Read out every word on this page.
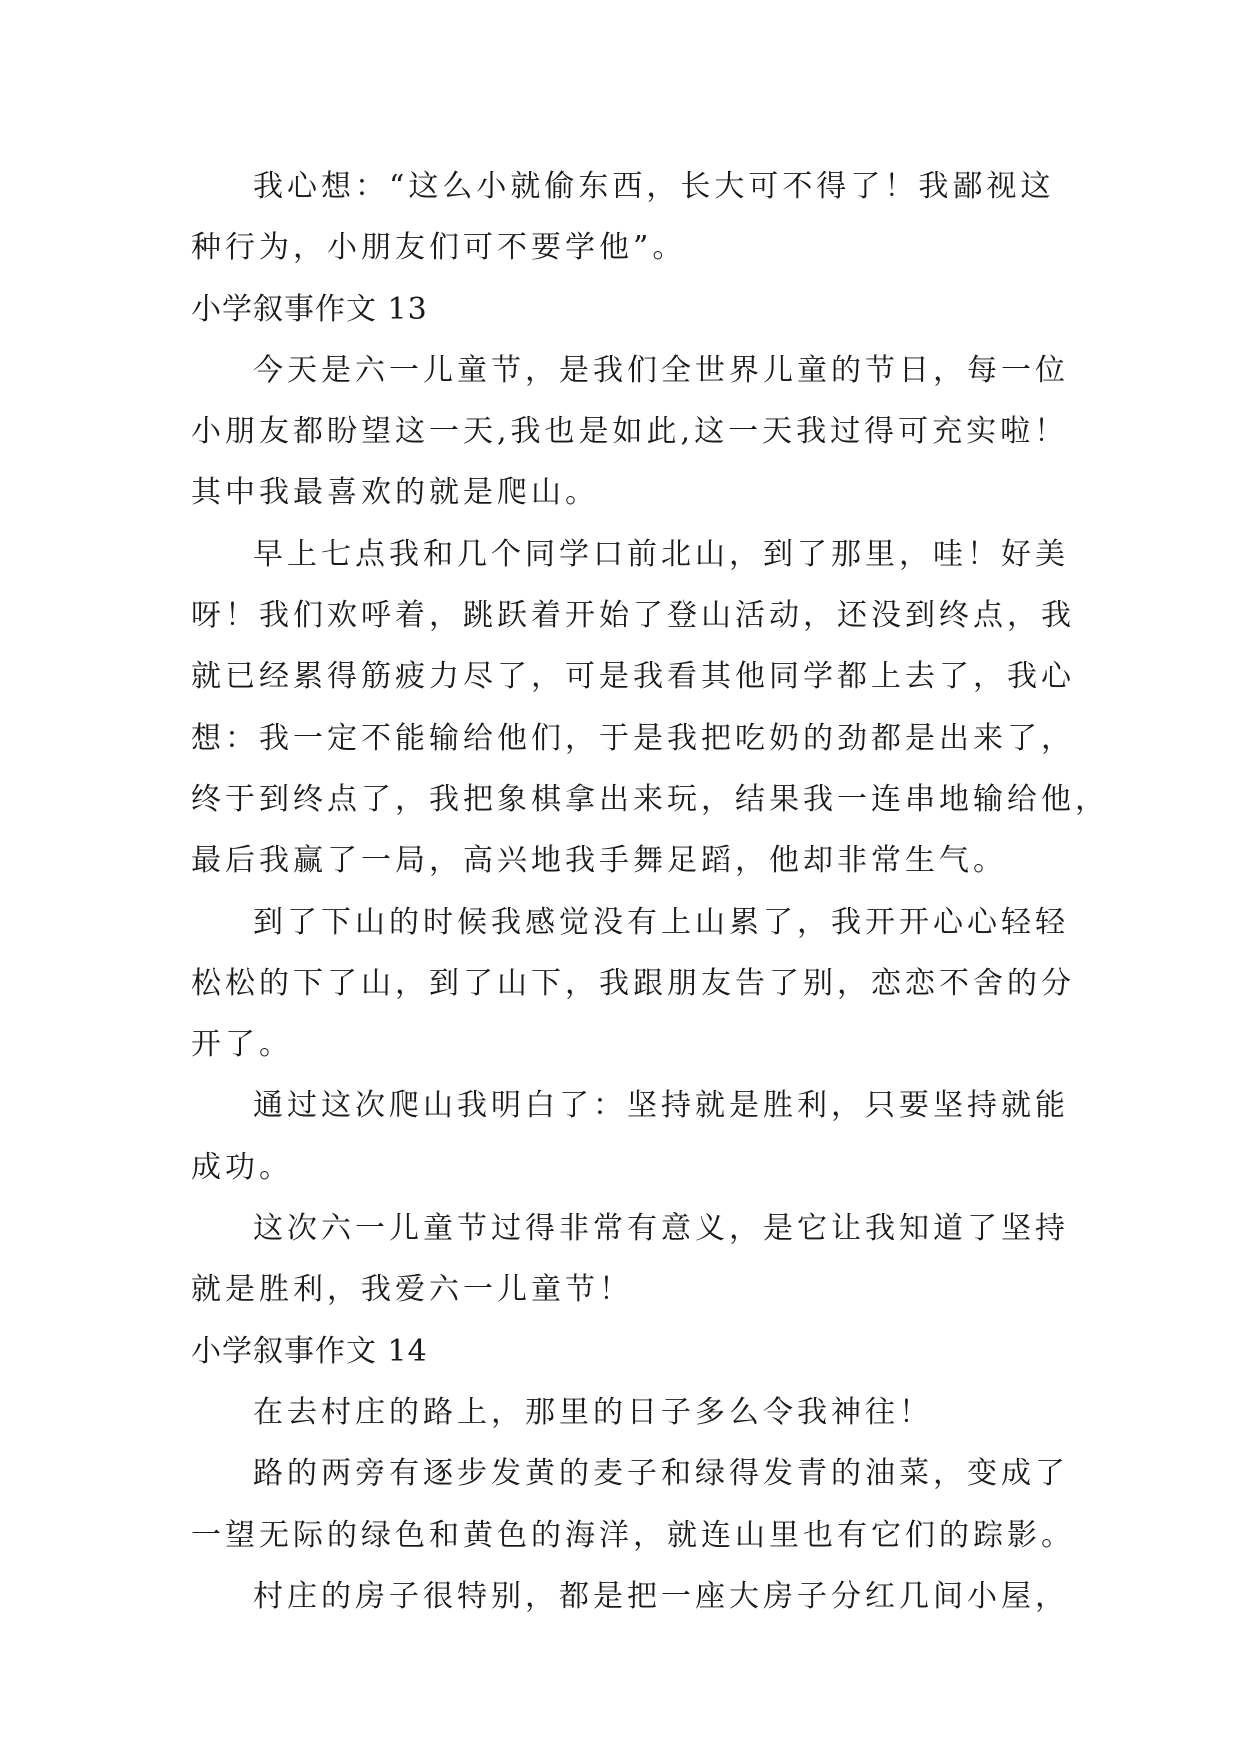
我心想：“这么小就偷东西，长大可不得了！我鄙视这
种行为，小朋友们可不要学他”。
小学叙事作文 13
今天是六一儿童节，是我们全世界儿童的节日，每一位
小朋友都盼望这一天,我也是如此,这一天我过得可充实啦！
其中我最喜欢的就是爬山。
早上七点我和几个同学口前北山，到了那里，哇！好美
呀！我们欢呼着，跳跃着开始了登山活动，还没到终点，我
就已经累得筋疲力尽了，可是我看其他同学都上去了，我心
想：我一定不能输给他们，于是我把吃奶的劲都是出来了，
终于到终点了，我把象棋拿出来玩，结果我一连串地输给他，
最后我赢了一局，高兴地我手舞足蹈，他却非常生气。
到了下山的时候我感觉没有上山累了，我开开心心轻轻
松松的下了山，到了山下，我跟朋友告了别，恋恋不舍的分
开了。
通过这次爬山我明白了：坚持就是胜利，只要坚持就能
成功。
这次六一儿童节过得非常有意义，是它让我知道了坚持
就是胜利，我爱六一儿童节！
小学叙事作文 14
在去村庄的路上，那里的日子多么令我神往！
路的两旁有逐步发黄的麦子和绿得发青的油菜，变成了
一望无际的绿色和黄色的海洋，就连山里也有它们的踪影。
村庄的房子很特别，都是把一座大房子分红几间小屋，
